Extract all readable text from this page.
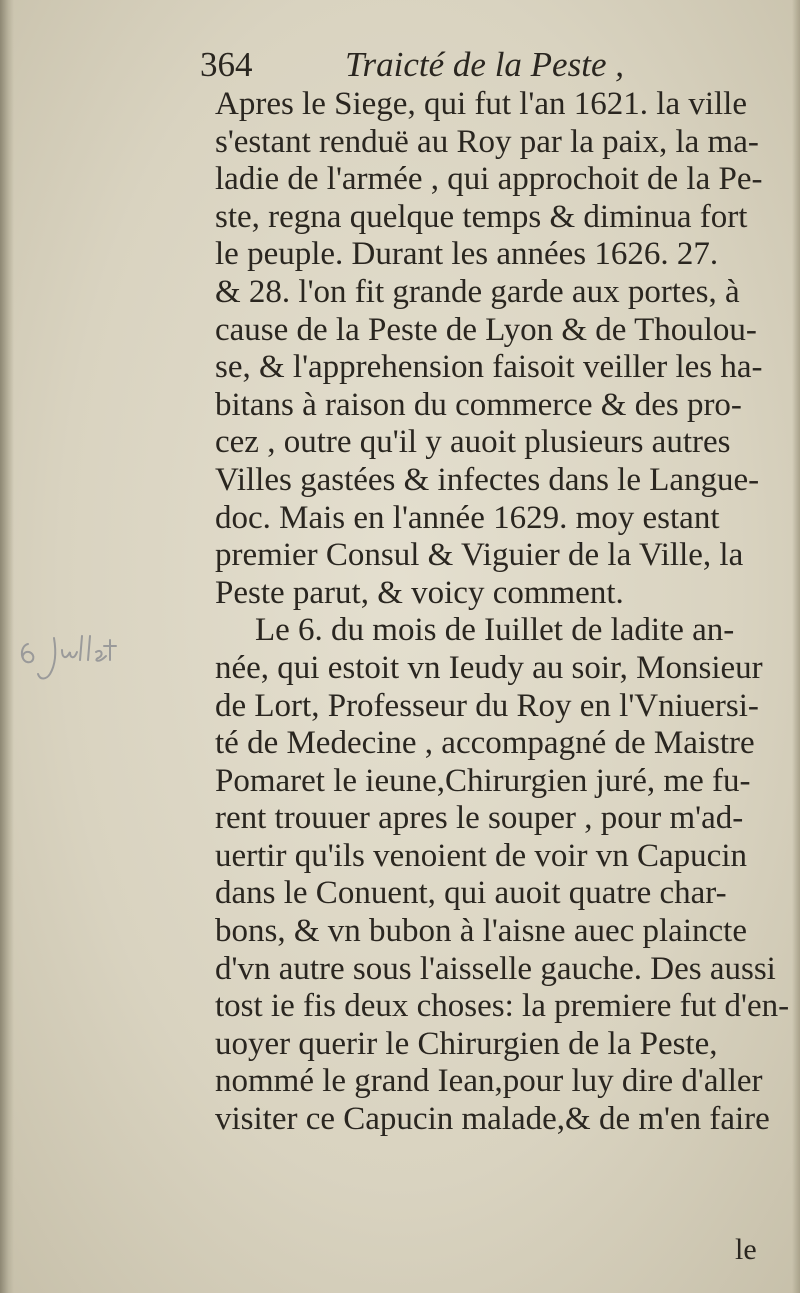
364	Traicté de la Peste ,
Apres le Siege, qui fut l'an 1621. la ville
s'estant renduë au Roy par la paix, la ma-
ladie de l'armée , qui approchoit de la Pe-
ste, regna quelque temps & diminua fort
le peuple. Durant les années 1626. 27.
& 28. l'on fit grande garde aux portes, à
cause de la Peste de Lyon & de Thoulou-
se, & l'apprehension faisoit veiller les ha-
bitans à raison du commerce & des pro-
cez , outre qu'il y auoit plusieurs autres
Villes gastées & infectes dans le Langue-
doc. Mais en l'année 1629. moy estant
premier Consul & Viguier de la Ville, la
Peste parut, & voicy comment.
Le 6. du mois de Iuillet de ladite an-
née, qui estoit vn Ieudy au soir, Monsieur
de Lort, Professeur du Roy en l'Vniuersi-
té de Medecine , accompagné de Maistre
Pomaret le ieune,Chirurgien juré, me fu-
rent trouuer apres le souper , pour m'ad-
uertir qu'ils venoient de voir vn Capucin
dans le Conuent, qui auoit quatre char-
bons, & vn bubon à l'aisne auec plaincte
d'vn autre sous l'aisselle gauche. Des aussi
tost ie fis deux choses: la premiere fut d'en-
uoyer querir le Chirurgien de la Peste,
nommé le grand Iean,pour luy dire d'aller
visiter ce Capucin malade,& de m'en faire
le
